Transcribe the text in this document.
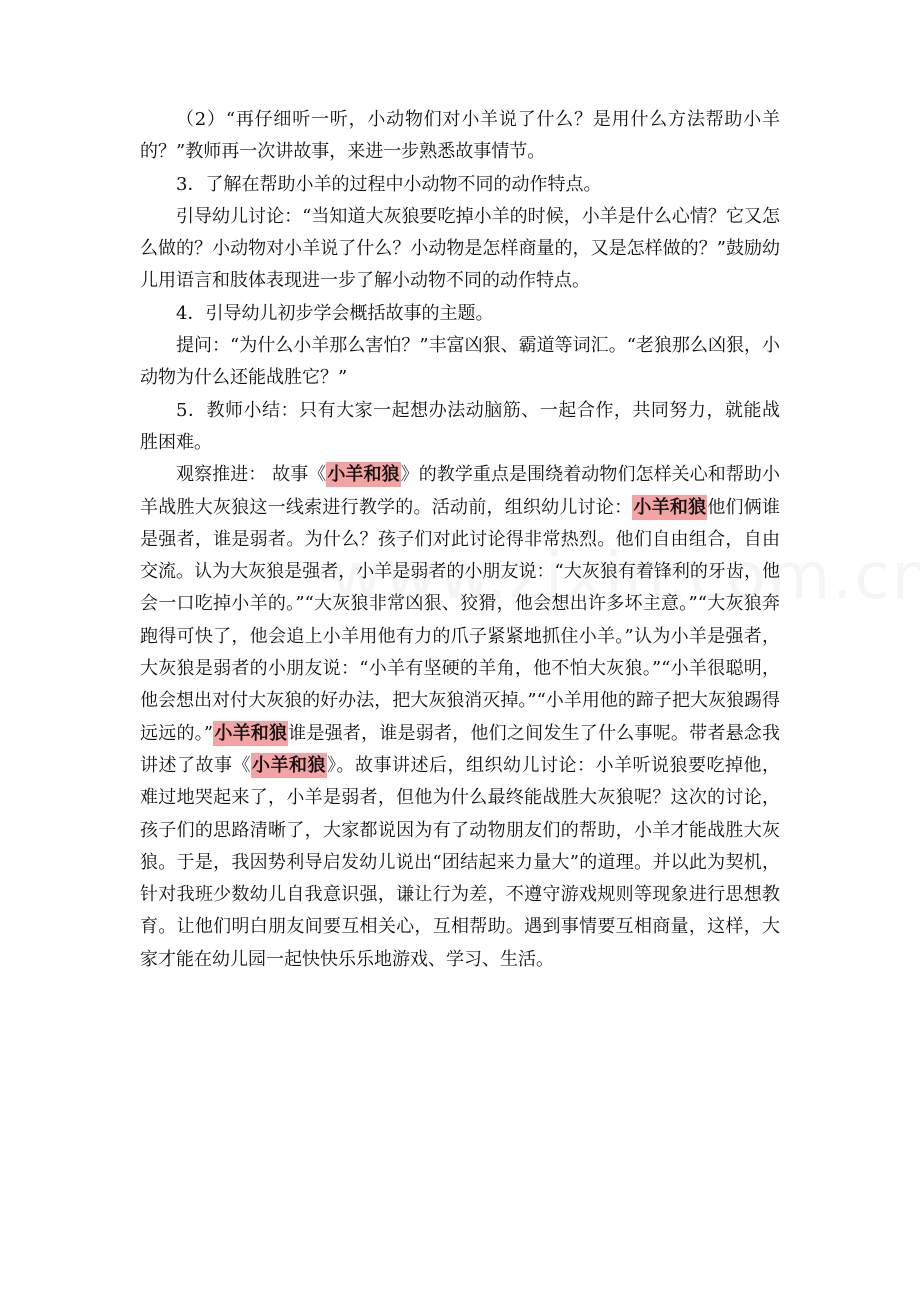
（2）“再仔细听一听，小动物们对小羊说了什么？是用什么方法帮助小羊的？”教师再一次讲故事，来进一步熟悉故事情节。

3．了解在帮助小羊的过程中小动物不同的动作特点。

引导幼儿讨论：“当知道大灰狼要吃掉小羊的时候，小羊是什么心情？它又怎么做的？小动物对小羊说了什么？小动物是怎样商量的，又是怎样做的？”鼓励幼儿用语言和肢体表现进一步了解小动物不同的动作特点。

4．引导幼儿初步学会概括故事的主题。

提问：“为什么小羊那么害怕？”丰富凶狠、霸道等词汇。“老狼那么凶狠，小动物为什么还能战胜它？”

5．教师小结：只有大家一起想办法动脑筋、一起合作，共同努力，就能战胜困难。

观察推进： 故事《小羊和狼》的教学重点是围绕着动物们怎样关心和帮助小羊战胜大灰狼这一线索进行教学的。活动前，组织幼儿讨论：小羊和狼他们俩谁是强者，谁是弱者。为什么？孩子们对此讨论得非常热烈。他们自由组合，自由交流。认为大灰狼是强者，小羊是弱者的小朋友说：“大灰狼有着锋利的牙齿，他会一口吃掉小羊的。”“大灰狼非常凶狠、狡猾，他会想出许多坏主意。”“大灰狼奔跑得可快了，他会追上小羊用他有力的爪子紧紧地抓住小羊。”认为小羊是强者，大灰狼是弱者的小朋友说：“小羊有坚硬的羊角，他不怕大灰狼。”“小羊很聪明，他会想出对付大灰狼的好办法，把大灰狼消灭掉。”“小羊用他的蹄子把大灰狼踢得远远的。”小羊和狼谁是强者，谁是弱者，他们之间发生了什么事呢。带者悬念我讲述了故事《小羊和狼》。故事讲述后，组织幼儿讨论：小羊听说狼要吃掉他，难过地哭起来了，小羊是弱者，但他为什么最终能战胜大灰狼呢？这次的讨论，孩子们的思路清晰了，大家都说因为有了动物朋友们的帮助，小羊才能战胜大灰狼。于是，我因势利导启发幼儿说出“团结起来力量大”的道理。并以此为契机，针对我班少数幼儿自我意识强，谦让行为差，不遵守游戏规则等现象进行思想教育。让他们明白朋友间要互相关心，互相帮助。遇到事情要互相商量，这样，大家才能在幼儿园一起快快乐乐地游戏、学习、生活。
